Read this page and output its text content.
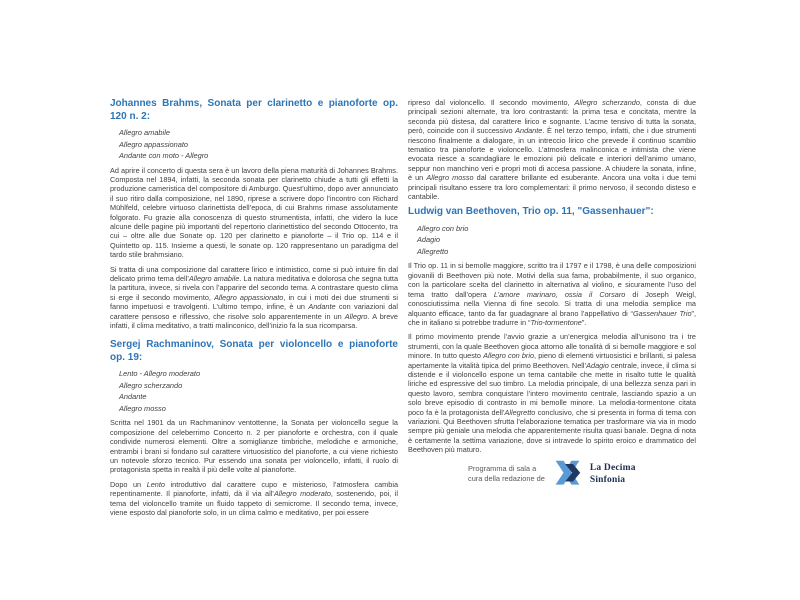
Johannes Brahms, Sonata per clarinetto e pianoforte op. 120 n. 2:
Allegro amabile
Allegro appassionato
Andante con moto - Allegro

Ad aprire il concerto di questa sera è un lavoro della piena maturità di Johannes Brahms. Composta nel 1894, infatti, la seconda sonata per clarinetto chiude a tutti gli effetti la produzione cameristica del compositore di Amburgo. Quest’ultimo, dopo aver annunciato il suo ritiro dalla composizione, nel 1890, riprese a scrivere dopo l’incontro con Richard Mühlfeld, celebre virtuoso clarinettista dell’epoca, di cui Brahms rimase assolutamente folgorato. Fu grazie alla conoscenza di questo strumentista, infatti, che videro la luce alcune delle pagine più importanti del repertorio clarinettistico del secondo Ottocento, tra cui – oltre alle due Sonate op. 120 per clarinetto e pianoforte – il Trio op. 114 e il Quintetto op. 115. Insieme a questi, le sonate op. 120 rappresentano un paradigma del tardo stile brahmsiano.

Si tratta di una composizione dal carattere lirico e intimistico, come si può intuire fin dal delicato primo tema dell’Allegro amabile. La natura meditativa e dolorosa che segna tutta la partitura, invece, si rivela con l’apparire del secondo tema. A contrastare questo clima si erge il secondo movimento, Allegro appassionato, in cui i moti dei due strumenti si fanno impetuosi e travolgenti. L’ultimo tempo, infine, è un Andante con variazioni dal carattere pensoso e riflessivo, che risolve solo apparentemente in un Allegro. A breve infatti, il clima meditativo, a tratti malinconico, dell’inizio fa la sua ricomparsa.

Sergej Rachmaninov, Sonata per violoncello e pianoforte op. 19:
Lento - Allegro moderato
Allegro scherzando
Andante
Allegro mosso

Scritta nel 1901 da un Rachmaninov ventottenne, la Sonata per violoncello segue la composizione del celeberrimo Concerto n. 2 per pianoforte e orchestra, con il quale condivide numerosi elementi. Oltre a somiglianze timbriche, melodiche e armoniche, entrambi i brani si fondano sul carattere virtuosistico del pianoforte, a cui viene richiesto un notevole sforzo tecnico. Pur essendo una sonata per violoncello, infatti, il ruolo di protagonista spetta in realtà il più delle volte al pianoforte.

Dopo un Lento introduttivo dal carattere cupo e misterioso, l’atmosfera cambia repentinamente. Il pianoforte, infatti, dà il via all’Allegro moderato, sostenendo, poi, il tema del violoncello tramite un fluido tappeto di semicrome. Il secondo tema, invece, viene esposto dal pianoforte solo, in un clima calmo e meditativo, per poi essere

ripreso dal violoncello. Il secondo movimento, Allegro scherzando, consta di due principali sezioni alternate, tra loro contrastanti: la prima tesa e concitata, mentre la seconda più distesa, dal carattere lirico e sognante. L’acme tensivo di tutta la sonata, però, coincide con il successivo Andante. È nel terzo tempo, infatti, che i due strumenti riescono finalmente a dialogare, in un intreccio lirico che prevede il continuo scambio tematico tra pianoforte e violoncello. L’atmosfera malinconica e intimista che viene evocata riesce a scandagliare le emozioni più delicate e interiori dell’animo umano, seppur non manchino veri e propri moti di accesa passione. A chiudere la sonata, infine, è un Allegro mosso dal carattere brillante ed esuberante. Ancora una volta i due temi principali risultano essere tra loro complementari: il primo nervoso, il secondo disteso e cantabile.

Ludwig van Beethoven, Trio op. 11, "Gassenhauer":
Allegro con brio
Adagio
Allegretto

Il Trio op. 11 in si bemolle maggiore, scritto tra il 1797 e il 1798, è una delle composizioni giovanili di Beethoven più note. Motivi della sua fama, probabilmente, il suo organico, con la particolare scelta del clarinetto in alternativa al violino, e sicuramente l’uso del tema tratto dall’opera L’amore marinaro, ossia il Corsaro di Joseph Weigl, conosciutissima nella Vienna di fine secolo. Si tratta di una melodia semplice ma alquanto efficace, tanto da far guadagnare al brano l’appellativo di “Gassenhauer Trio”, che in italiano si potrebbe tradurre in “Trio-tormentone”.

Il primo movimento prende l’avvio grazie a un’energica melodia all’unisono tra i tre strumenti, con la quale Beethoven gioca attorno alle tonalità di si bemolle maggiore e sol minore. In tutto questo Allegro con brio, pieno di elementi virtuosistici e brillanti, si palesa apertamente la vitalità tipica del primo Beethoven. Nell’Adagio centrale, invece, il clima si distende e il violoncello espone un tema cantabile che mette in risalto tutte le qualità liriche ed espressive del suo timbro. La melodia principale, di una bellezza senza pari in questo lavoro, sembra conquistare l’intero movimento centrale, lasciando spazio a un solo breve episodio di contrasto in mi bemolle minore. La melodia-tormentone citata poco fa è la protagonista dell’Allegretto conclusivo, che si presenta in forma di tema con variazioni. Qui Beethoven sfrutta l’elaborazione tematica per trasformare via via in modo sempre più geniale una melodia che apparentemente risulta quasi banale. Degna di nota è certamente la settima variazione, dove si intravede lo spirito eroico e drammatico del Beethoven più maturo.

Programma di sala a
cura della redazione de
La Decima
Sinfonia
